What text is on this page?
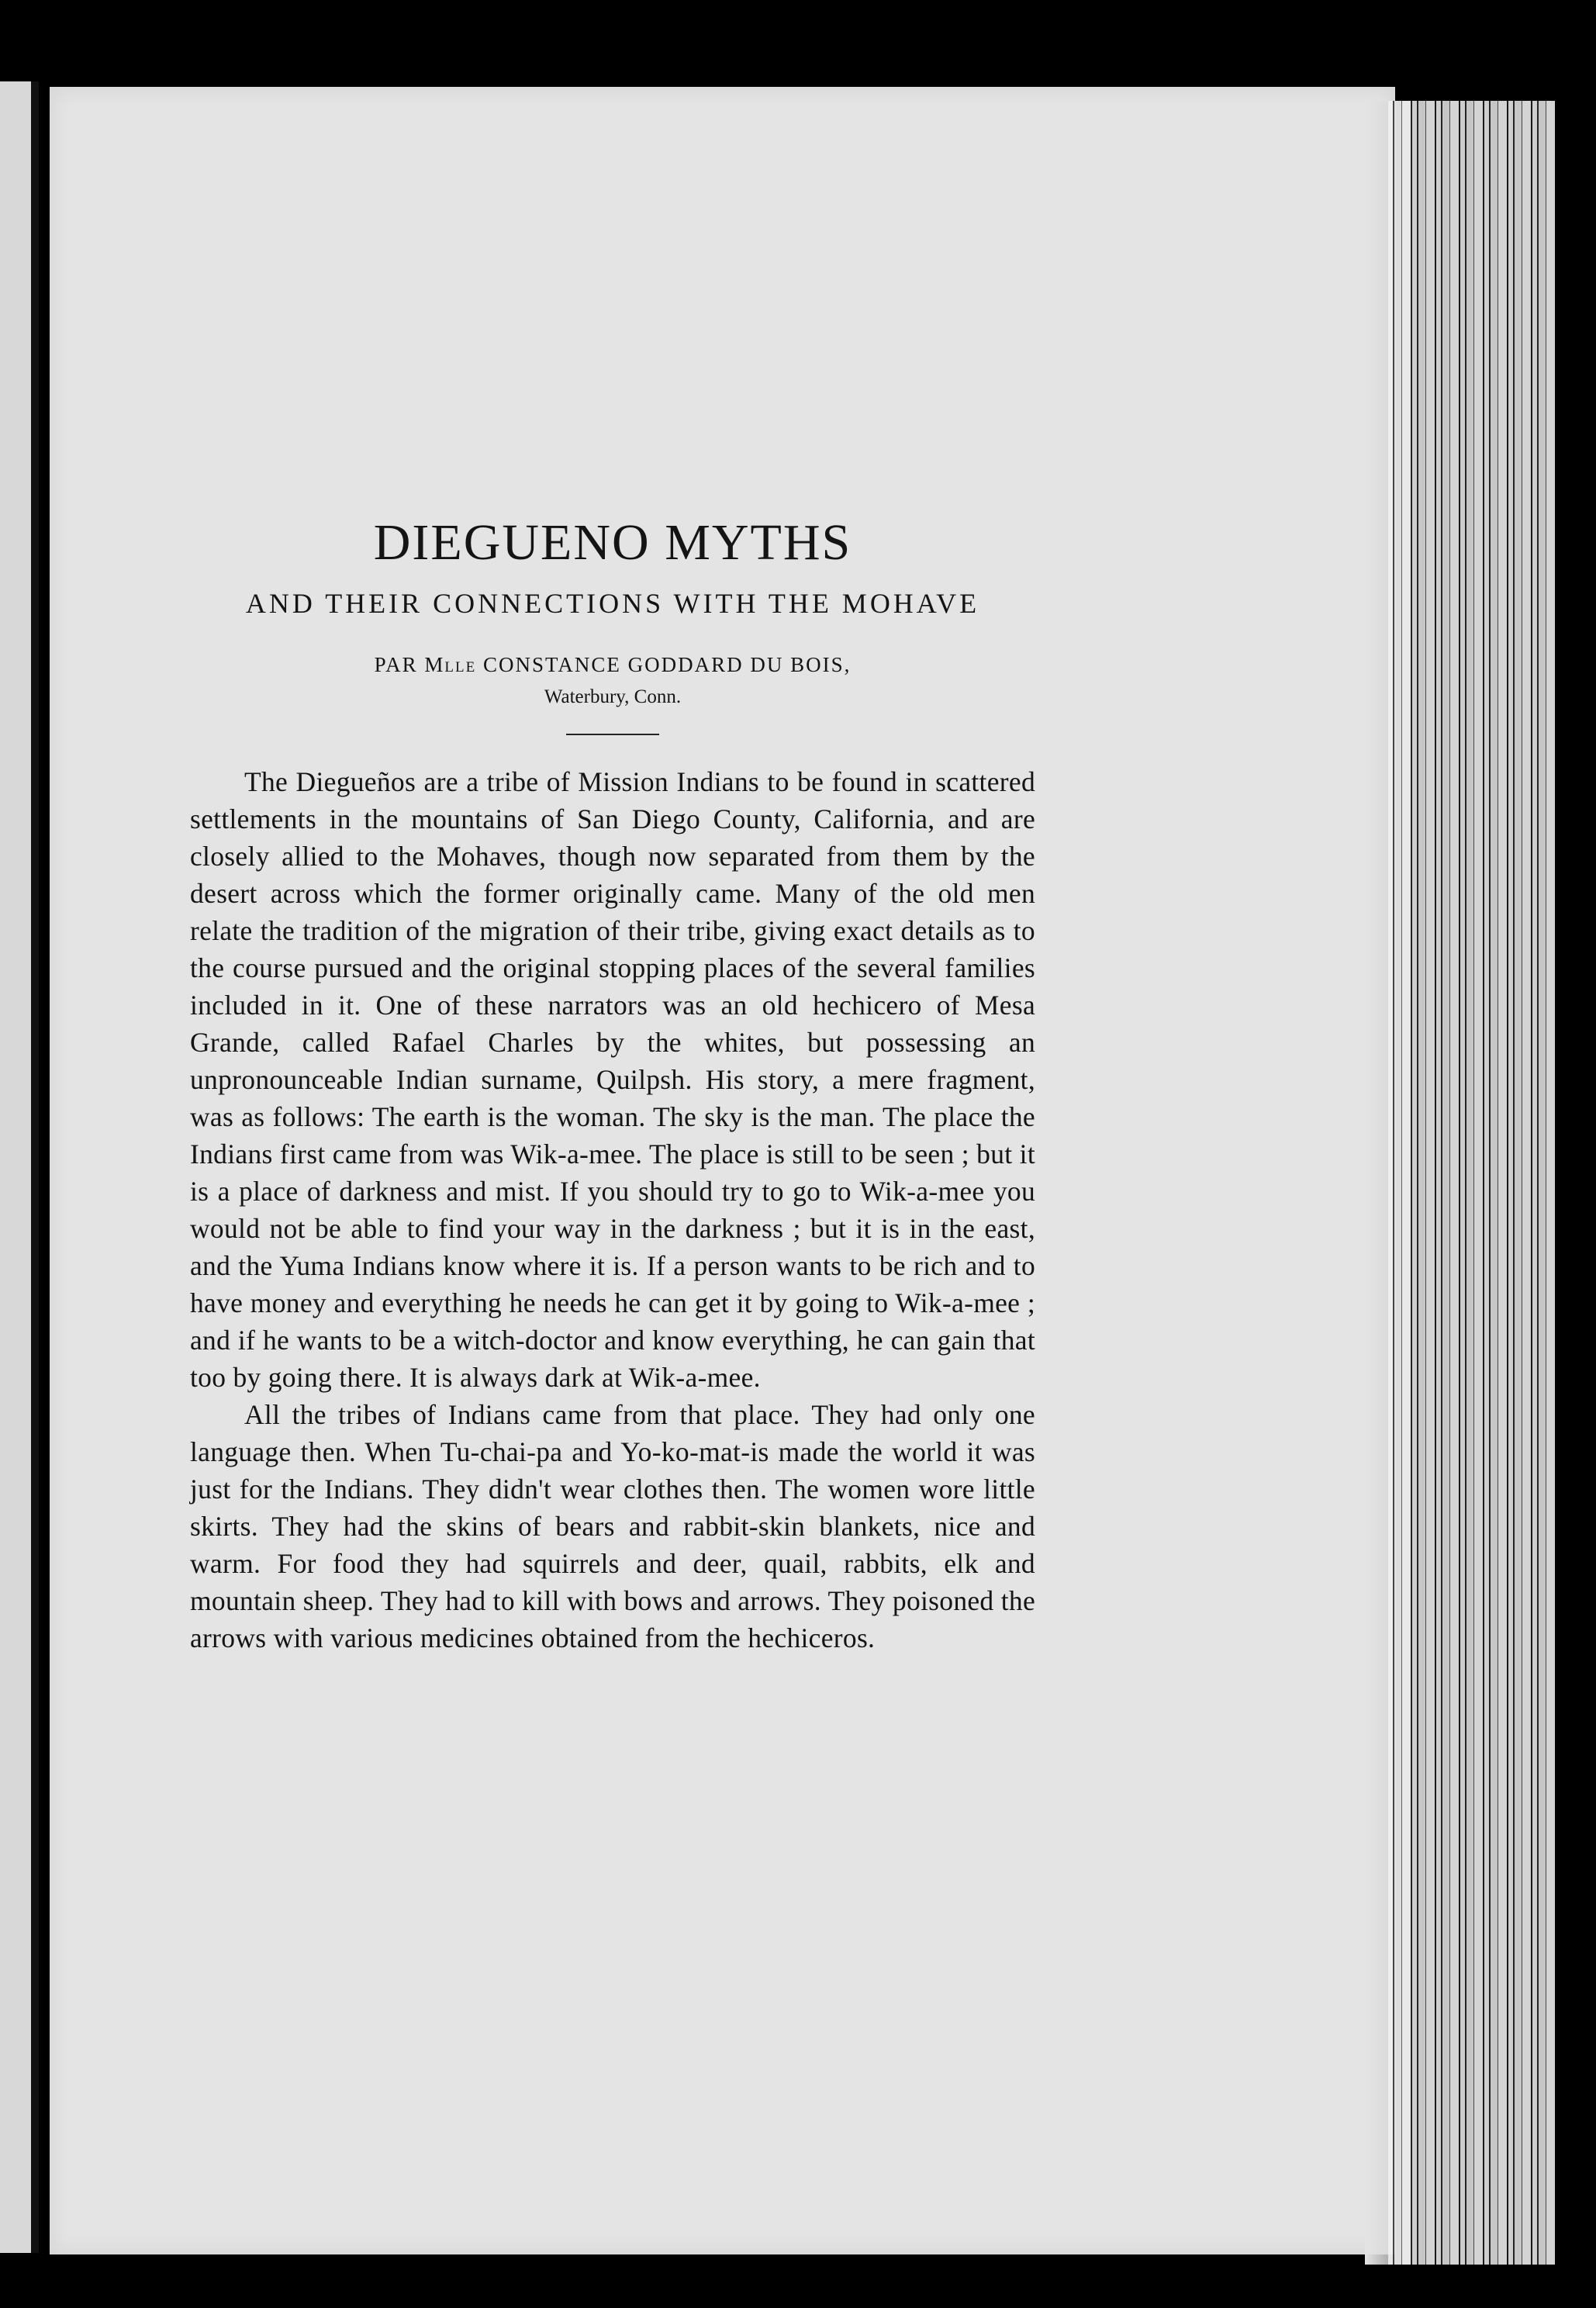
DIEGUENO MYTHS
AND THEIR CONNECTIONS WITH THE MOHAVE
PAR Mlle CONSTANCE GODDARD DU BOIS,
Waterbury, Conn.

The Diegueños are a tribe of Mission Indians to be found in scattered settlements in the mountains of San Diego County, California, and are closely allied to the Mohaves, though now separated from them by the desert across which the former originally came. Many of the old men relate the tradition of the migration of their tribe, giving exact details as to the course pursued and the original stopping places of the several families included in it. One of these narrators was an old hechicero of Mesa Grande, called Rafael Charles by the whites, but possessing an unpronounceable Indian surname, Quilpsh. His story, a mere fragment, was as follows: The earth is the woman. The sky is the man. The place the Indians first came from was Wik-a-mee. The place is still to be seen ; but it is a place of darkness and mist. If you should try to go to Wik-a-mee you would not be able to find your way in the darkness ; but it is in the east, and the Yuma Indians know where it is. If a person wants to be rich and to have money and everything he needs he can get it by going to Wik-a-mee ; and if he wants to be a witch-doctor and know everything, he can gain that too by going there. It is always dark at Wik-a-mee.

All the tribes of Indians came from that place. They had only one language then. When Tu-chai-pa and Yo-ko-mat-is made the world it was just for the Indians. They didn't wear clothes then. The women wore little skirts. They had the skins of bears and rabbit-skin blankets, nice and warm. For food they had squirrels and deer, quail, rabbits, elk and mountain sheep. They had to kill with bows and arrows. They poisoned the arrows with various medicines obtained from the hechiceros.
